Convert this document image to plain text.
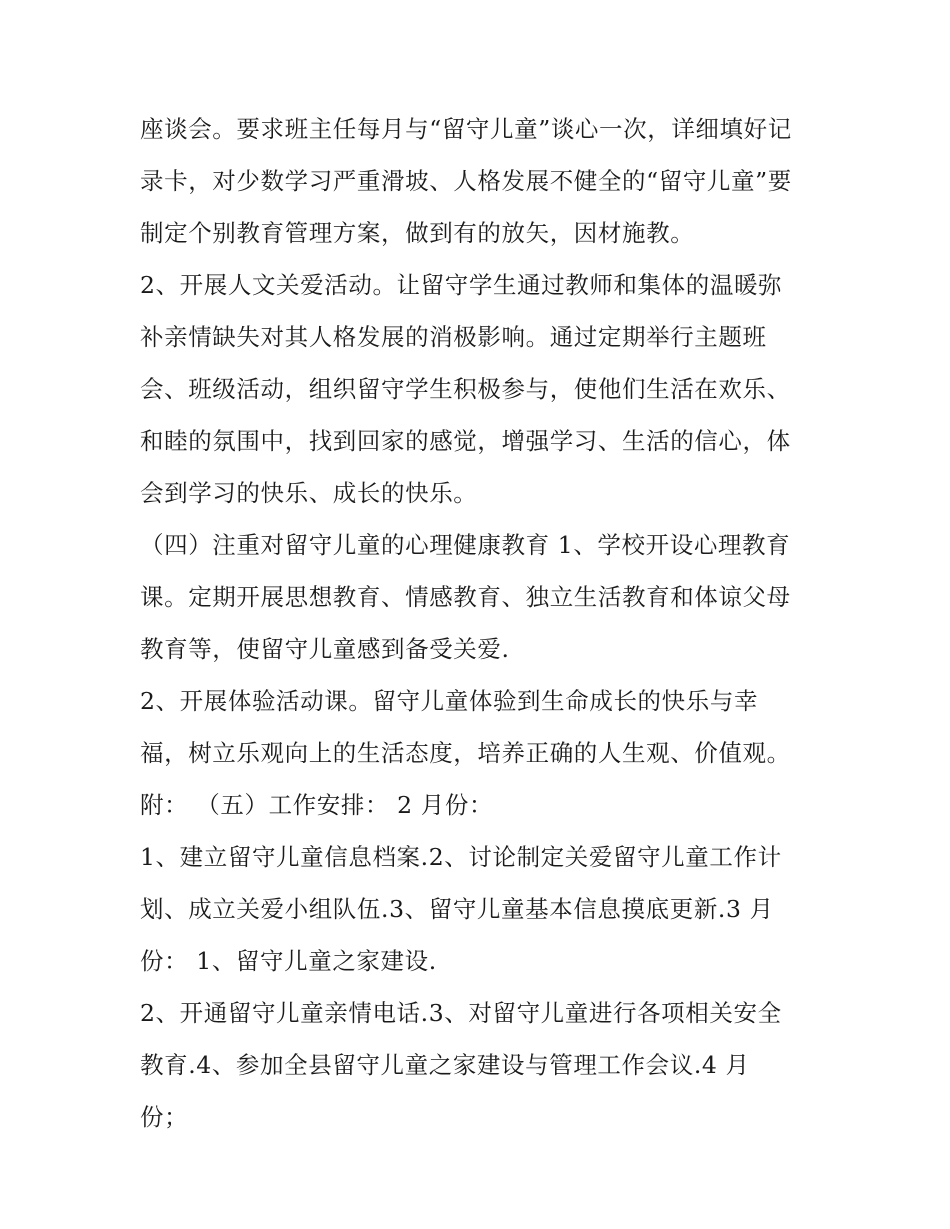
座谈会。要求班主任每月与“留守儿童”谈心一次，详细填好记
录卡，对少数学习严重滑坡、人格发展不健全的“留守儿童”要
制定个别教育管理方案，做到有的放矢，因材施教。
2、开展人文关爱活动。让留守学生通过教师和集体的温暖弥
补亲情缺失对其人格发展的消极影响。通过定期举行主题班
会、班级活动，组织留守学生积极参与，使他们生活在欢乐、
和睦的氛围中，找到回家的感觉，增强学习、生活的信心，体
会到学习的快乐、成长的快乐。
（四）注重对留守儿童的心理健康教育 1、学校开设心理教育
课。定期开展思想教育、情感教育、独立生活教育和体谅父母
教育等，使留守儿童感到备受关爱.
2、开展体验活动课。留守儿童体验到生命成长的快乐与幸
福，树立乐观向上的生活态度，培养正确的人生观、价值观。
附： （五）工作安排： 2 月份：
1、建立留守儿童信息档案.2、讨论制定关爱留守儿童工作计
划、成立关爱小组队伍.3、留守儿童基本信息摸底更新.3 月
份： 1、留守儿童之家建设.
2、开通留守儿童亲情电话.3、对留守儿童进行各项相关安全
教育.4、参加全县留守儿童之家建设与管理工作会议.4 月
份；
